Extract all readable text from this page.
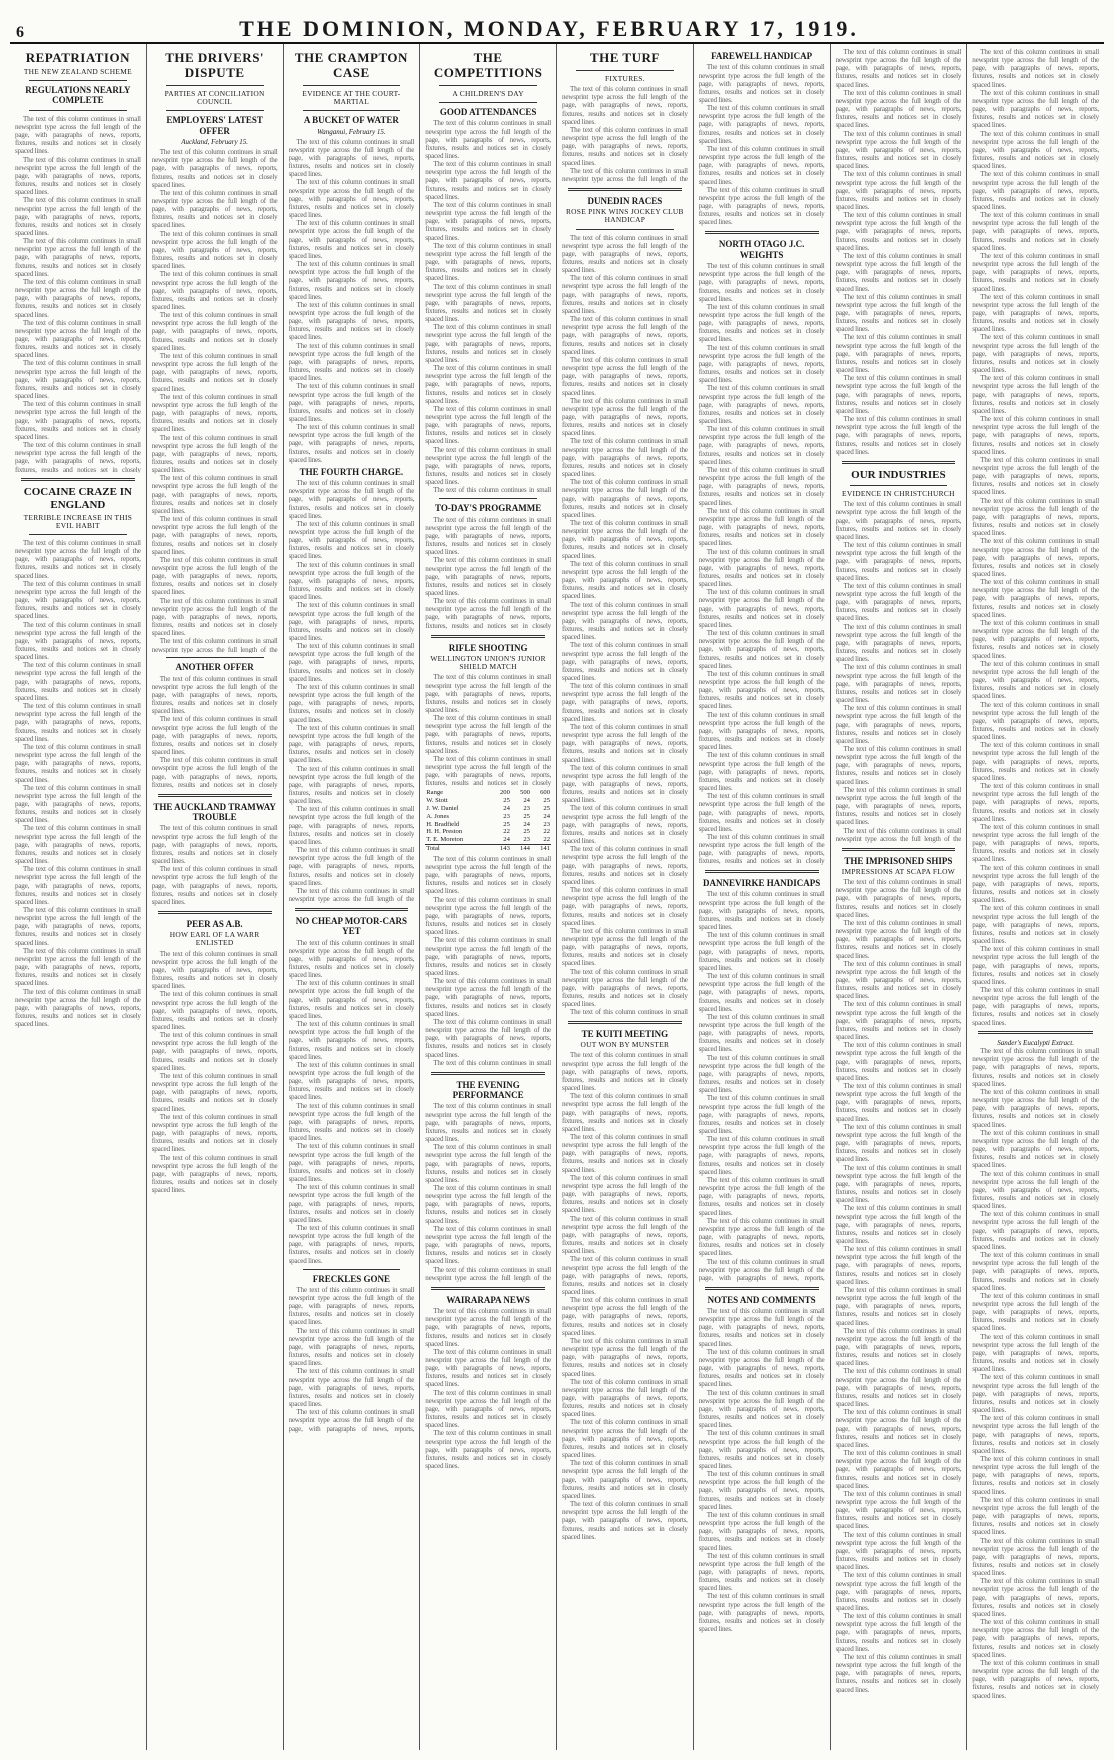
6	THE DOMINION, MONDAY, FEBRUARY 17, 1919.
REPATRIATION
THE NEW ZEALAND SCHEME
REGULATIONS NEARLY COMPLETE

The text of this column continues in small newsprint type across the full length of the page, with paragraphs of news, reports, fixtures, results and notices set in closely spaced lines.

The text of this column continues in small newsprint type across the full length of the page, with paragraphs of news, reports, fixtures, results and notices set in closely spaced lines.

The text of this column continues in small newsprint type across the full length of the page, with paragraphs of news, reports, fixtures, results and notices set in closely spaced lines.

The text of this column continues in small newsprint type across the full length of the page, with paragraphs of news, reports, fixtures, results and notices set in closely spaced lines.

The text of this column continues in small newsprint type across the full length of the page, with paragraphs of news, reports, fixtures, results and notices set in closely spaced lines.

The text of this column continues in small newsprint type across the full length of the page, with paragraphs of news, reports, fixtures, results and notices set in closely spaced lines.

The text of this column continues in small newsprint type across the full length of the page, with paragraphs of news, reports, fixtures, results and notices set in closely spaced lines.

The text of this column continues in small newsprint type across the full length of the page, with paragraphs of news, reports, fixtures, results and notices set in closely spaced lines.

The text of this column continues in small newsprint type across the full length of the page, with paragraphs of news, reports, fixtures, results and notices set in closely

COCAINE CRAZE IN ENGLAND
TERRIBLE INCREASE IN THIS EVIL HABIT

The text of this column continues in small newsprint type across the full length of the page, with paragraphs of news, reports, fixtures, results and notices set in closely spaced lines.

The text of this column continues in small newsprint type across the full length of the page, with paragraphs of news, reports, fixtures, results and notices set in closely spaced lines.

The text of this column continues in small newsprint type across the full length of the page, with paragraphs of news, reports, fixtures, results and notices set in closely spaced lines.

The text of this column continues in small newsprint type across the full length of the page, with paragraphs of news, reports, fixtures, results and notices set in closely spaced lines.

The text of this column continues in small newsprint type across the full length of the page, with paragraphs of news, reports, fixtures, results and notices set in closely spaced lines.

The text of this column continues in small newsprint type across the full length of the page, with paragraphs of news, reports, fixtures, results and notices set in closely spaced lines.

The text of this column continues in small newsprint type across the full length of the page, with paragraphs of news, reports, fixtures, results and notices set in closely spaced lines.

The text of this column continues in small newsprint type across the full length of the page, with paragraphs of news, reports, fixtures, results and notices set in closely spaced lines.

The text of this column continues in small newsprint type across the full length of the page, with paragraphs of news, reports, fixtures, results and notices set in closely spaced lines.

The text of this column continues in small newsprint type across the full length of the page, with paragraphs of news, reports, fixtures, results and notices set in closely spaced lines.

The text of this column continues in small newsprint type across the full length of the page, with paragraphs of news, reports, fixtures, results and notices set in closely spaced lines.

The text of this column continues in small newsprint type across the full length of the page, with paragraphs of news, reports, fixtures, results and notices set in closely spaced lines.

THE DRIVERS' DISPUTE
PARTIES AT CONCILIATION COUNCIL
EMPLOYERS' LATEST OFFER
Auckland, February 15.

The text of this column continues in small newsprint type across the full length of the page, with paragraphs of news, reports, fixtures, results and notices set in closely spaced lines.

The text of this column continues in small newsprint type across the full length of the page, with paragraphs of news, reports, fixtures, results and notices set in closely spaced lines.

The text of this column continues in small newsprint type across the full length of the page, with paragraphs of news, reports, fixtures, results and notices set in closely spaced lines.

The text of this column continues in small newsprint type across the full length of the page, with paragraphs of news, reports, fixtures, results and notices set in closely spaced lines.

The text of this column continues in small newsprint type across the full length of the page, with paragraphs of news, reports, fixtures, results and notices set in closely spaced lines.

The text of this column continues in small newsprint type across the full length of the page, with paragraphs of news, reports, fixtures, results and notices set in closely spaced lines.

The text of this column continues in small newsprint type across the full length of the page, with paragraphs of news, reports, fixtures, results and notices set in closely spaced lines.

The text of this column continues in small newsprint type across the full length of the page, with paragraphs of news, reports, fixtures, results and notices set in closely spaced lines.

The text of this column continues in small newsprint type across the full length of the page, with paragraphs of news, reports, fixtures, results and notices set in closely spaced lines.

The text of this column continues in small newsprint type across the full length of the page, with paragraphs of news, reports, fixtures, results and notices set in closely spaced lines.

The text of this column continues in small newsprint type across the full length of the page, with paragraphs of news, reports, fixtures, results and notices set in closely spaced lines.

The text of this column continues in small newsprint type across the full length of the page, with paragraphs of news, reports, fixtures, results and notices set in closely spaced lines.

The text of this column continues in small newsprint type across the full length of the

ANOTHER OFFER

The text of this column continues in small newsprint type across the full length of the page, with paragraphs of news, reports, fixtures, results and notices set in closely spaced lines.

The text of this column continues in small newsprint type across the full length of the page, with paragraphs of news, reports, fixtures, results and notices set in closely spaced lines.

The text of this column continues in small newsprint type across the full length of the page, with paragraphs of news, reports, fixtures, results and notices set in closely

THE AUCKLAND TRAMWAY TROUBLE

The text of this column continues in small newsprint type across the full length of the page, with paragraphs of news, reports, fixtures, results and notices set in closely spaced lines.

The text of this column continues in small newsprint type across the full length of the page, with paragraphs of news, reports, fixtures, results and notices set in closely spaced lines.

PEER AS A.B.
HOW EARL OF LA WARR ENLISTED

The text of this column continues in small newsprint type across the full length of the page, with paragraphs of news, reports, fixtures, results and notices set in closely spaced lines.

The text of this column continues in small newsprint type across the full length of the page, with paragraphs of news, reports, fixtures, results and notices set in closely spaced lines.

The text of this column continues in small newsprint type across the full length of the page, with paragraphs of news, reports, fixtures, results and notices set in closely spaced lines.

The text of this column continues in small newsprint type across the full length of the page, with paragraphs of news, reports, fixtures, results and notices set in closely spaced lines.

The text of this column continues in small newsprint type across the full length of the page, with paragraphs of news, reports, fixtures, results and notices set in closely spaced lines.

The text of this column continues in small newsprint type across the full length of the page, with paragraphs of news, reports, fixtures, results and notices set in closely spaced lines.

THE CRAMPTON CASE
EVIDENCE AT THE COURT-MARTIAL
A BUCKET OF WATER
Wanganui, February 15.

The text of this column continues in small newsprint type across the full length of the page, with paragraphs of news, reports, fixtures, results and notices set in closely spaced lines.

The text of this column continues in small newsprint type across the full length of the page, with paragraphs of news, reports, fixtures, results and notices set in closely spaced lines.

The text of this column continues in small newsprint type across the full length of the page, with paragraphs of news, reports, fixtures, results and notices set in closely spaced lines.

The text of this column continues in small newsprint type across the full length of the page, with paragraphs of news, reports, fixtures, results and notices set in closely spaced lines.

The text of this column continues in small newsprint type across the full length of the page, with paragraphs of news, reports, fixtures, results and notices set in closely spaced lines.

The text of this column continues in small newsprint type across the full length of the page, with paragraphs of news, reports, fixtures, results and notices set in closely spaced lines.

The text of this column continues in small newsprint type across the full length of the page, with paragraphs of news, reports, fixtures, results and notices set in closely spaced lines.

The text of this column continues in small newsprint type across the full length of the page, with paragraphs of news, reports, fixtures, results and notices set in closely spaced lines.

THE FOURTH CHARGE.

The text of this column continues in small newsprint type across the full length of the page, with paragraphs of news, reports, fixtures, results and notices set in closely spaced lines.

The text of this column continues in small newsprint type across the full length of the page, with paragraphs of news, reports, fixtures, results and notices set in closely spaced lines.

The text of this column continues in small newsprint type across the full length of the page, with paragraphs of news, reports, fixtures, results and notices set in closely spaced lines.

The text of this column continues in small newsprint type across the full length of the page, with paragraphs of news, reports, fixtures, results and notices set in closely spaced lines.

The text of this column continues in small newsprint type across the full length of the page, with paragraphs of news, reports, fixtures, results and notices set in closely spaced lines.

The text of this column continues in small newsprint type across the full length of the page, with paragraphs of news, reports, fixtures, results and notices set in closely spaced lines.

The text of this column continues in small newsprint type across the full length of the page, with paragraphs of news, reports, fixtures, results and notices set in closely spaced lines.

The text of this column continues in small newsprint type across the full length of the page, with paragraphs of news, reports, fixtures, results and notices set in closely spaced lines.

The text of this column continues in small newsprint type across the full length of the page, with paragraphs of news, reports, fixtures, results and notices set in closely spaced lines.

The text of this column continues in small newsprint type across the full length of the page, with paragraphs of news, reports, fixtures, results and notices set in closely spaced lines.

The text of this column continues in small newsprint type across the full length of the

NO CHEAP MOTOR-CARS YET

The text of this column continues in small newsprint type across the full length of the page, with paragraphs of news, reports, fixtures, results and notices set in closely spaced lines.

The text of this column continues in small newsprint type across the full length of the page, with paragraphs of news, reports, fixtures, results and notices set in closely spaced lines.

The text of this column continues in small newsprint type across the full length of the page, with paragraphs of news, reports, fixtures, results and notices set in closely spaced lines.

The text of this column continues in small newsprint type across the full length of the page, with paragraphs of news, reports, fixtures, results and notices set in closely spaced lines.

The text of this column continues in small newsprint type across the full length of the page, with paragraphs of news, reports, fixtures, results and notices set in closely spaced lines.

The text of this column continues in small newsprint type across the full length of the page, with paragraphs of news, reports, fixtures, results and notices set in closely spaced lines.

The text of this column continues in small newsprint type across the full length of the page, with paragraphs of news, reports, fixtures, results and notices set in closely spaced lines.

The text of this column continues in small newsprint type across the full length of the page, with paragraphs of news, reports, fixtures, results and notices set in closely spaced lines.

FRECKLES GONE

The text of this column continues in small newsprint type across the full length of the page, with paragraphs of news, reports, fixtures, results and notices set in closely spaced lines.

The text of this column continues in small newsprint type across the full length of the page, with paragraphs of news, reports, fixtures, results and notices set in closely spaced lines.

The text of this column continues in small newsprint type across the full length of the page, with paragraphs of news, reports, fixtures, results and notices set in closely spaced lines.

The text of this column continues in small newsprint type across the full length of the page, with paragraphs of news, reports,

THE COMPETITIONS
A CHILDREN'S DAY
GOOD ATTENDANCES

The text of this column continues in small newsprint type across the full length of the page, with paragraphs of news, reports, fixtures, results and notices set in closely spaced lines.

The text of this column continues in small newsprint type across the full length of the page, with paragraphs of news, reports, fixtures, results and notices set in closely spaced lines.

The text of this column continues in small newsprint type across the full length of the page, with paragraphs of news, reports, fixtures, results and notices set in closely spaced lines.

The text of this column continues in small newsprint type across the full length of the page, with paragraphs of news, reports, fixtures, results and notices set in closely spaced lines.

The text of this column continues in small newsprint type across the full length of the page, with paragraphs of news, reports, fixtures, results and notices set in closely spaced lines.

The text of this column continues in small newsprint type across the full length of the page, with paragraphs of news, reports, fixtures, results and notices set in closely spaced lines.

The text of this column continues in small newsprint type across the full length of the page, with paragraphs of news, reports, fixtures, results and notices set in closely spaced lines.

The text of this column continues in small newsprint type across the full length of the page, with paragraphs of news, reports, fixtures, results and notices set in closely spaced lines.

The text of this column continues in small newsprint type across the full length of the page, with paragraphs of news, reports, fixtures, results and notices set in closely spaced lines.

The text of this column continues in small

TO-DAY'S PROGRAMME

The text of this column continues in small newsprint type across the full length of the page, with paragraphs of news, reports, fixtures, results and notices set in closely spaced lines.

The text of this column continues in small newsprint type across the full length of the page, with paragraphs of news, reports, fixtures, results and notices set in closely spaced lines.

The text of this column continues in small newsprint type across the full length of the page, with paragraphs of news, reports, fixtures, results and notices set in closely

RIFLE SHOOTING
WELLINGTON UNION'S JUNIOR SHIELD MATCH

The text of this column continues in small newsprint type across the full length of the page, with paragraphs of news, reports, fixtures, results and notices set in closely spaced lines.

The text of this column continues in small newsprint type across the full length of the page, with paragraphs of news, reports, fixtures, results and notices set in closely spaced lines.

The text of this column continues in small newsprint type across the full length of the page, with paragraphs of news, reports, fixtures, results and notices set in closely

Range	200	500	600
W. Stott	25	24	25
J. W. Daniel	24	23	25
A. Jones	23	25	24
H. Bradfield	25	24	23
H. H. Preston	22	25	22
T. E. Moreton	24	23	22
Total	143	144	141

The text of this column continues in small newsprint type across the full length of the page, with paragraphs of news, reports, fixtures, results and notices set in closely spaced lines.

The text of this column continues in small newsprint type across the full length of the page, with paragraphs of news, reports, fixtures, results and notices set in closely spaced lines.

The text of this column continues in small newsprint type across the full length of the page, with paragraphs of news, reports, fixtures, results and notices set in closely spaced lines.

The text of this column continues in small newsprint type across the full length of the page, with paragraphs of news, reports, fixtures, results and notices set in closely spaced lines.

The text of this column continues in small newsprint type across the full length of the page, with paragraphs of news, reports, fixtures, results and notices set in closely spaced lines.

The text of this column continues in small

THE EVENING PERFORMANCE

The text of this column continues in small newsprint type across the full length of the page, with paragraphs of news, reports, fixtures, results and notices set in closely spaced lines.

The text of this column continues in small newsprint type across the full length of the page, with paragraphs of news, reports, fixtures, results and notices set in closely spaced lines.

The text of this column continues in small newsprint type across the full length of the page, with paragraphs of news, reports, fixtures, results and notices set in closely spaced lines.

The text of this column continues in small newsprint type across the full length of the page, with paragraphs of news, reports, fixtures, results and notices set in closely spaced lines.

The text of this column continues in small newsprint type across the full length of the

WAIRARAPA NEWS

The text of this column continues in small newsprint type across the full length of the page, with paragraphs of news, reports, fixtures, results and notices set in closely spaced lines.

The text of this column continues in small newsprint type across the full length of the page, with paragraphs of news, reports, fixtures, results and notices set in closely spaced lines.

The text of this column continues in small newsprint type across the full length of the page, with paragraphs of news, reports, fixtures, results and notices set in closely spaced lines.

The text of this column continues in small newsprint type across the full length of the page, with paragraphs of news, reports, fixtures, results and notices set in closely spaced lines.

THE TURF
FIXTURES.

The text of this column continues in small newsprint type across the full length of the page, with paragraphs of news, reports, fixtures, results and notices set in closely spaced lines.

The text of this column continues in small newsprint type across the full length of the page, with paragraphs of news, reports, fixtures, results and notices set in closely spaced lines.

The text of this column continues in small newsprint type across the full length of the

DUNEDIN RACES
ROSE PINK WINS JOCKEY CLUB HANDICAP

The text of this column continues in small newsprint type across the full length of the page, with paragraphs of news, reports, fixtures, results and notices set in closely spaced lines.

The text of this column continues in small newsprint type across the full length of the page, with paragraphs of news, reports, fixtures, results and notices set in closely spaced lines.

The text of this column continues in small newsprint type across the full length of the page, with paragraphs of news, reports, fixtures, results and notices set in closely spaced lines.

The text of this column continues in small newsprint type across the full length of the page, with paragraphs of news, reports, fixtures, results and notices set in closely spaced lines.

The text of this column continues in small newsprint type across the full length of the page, with paragraphs of news, reports, fixtures, results and notices set in closely spaced lines.

The text of this column continues in small newsprint type across the full length of the page, with paragraphs of news, reports, fixtures, results and notices set in closely spaced lines.

The text of this column continues in small newsprint type across the full length of the page, with paragraphs of news, reports, fixtures, results and notices set in closely spaced lines.

The text of this column continues in small newsprint type across the full length of the page, with paragraphs of news, reports, fixtures, results and notices set in closely spaced lines.

The text of this column continues in small newsprint type across the full length of the page, with paragraphs of news, reports, fixtures, results and notices set in closely spaced lines.

The text of this column continues in small newsprint type across the full length of the page, with paragraphs of news, reports, fixtures, results and notices set in closely spaced lines.

The text of this column continues in small newsprint type across the full length of the page, with paragraphs of news, reports, fixtures, results and notices set in closely spaced lines.

The text of this column continues in small newsprint type across the full length of the page, with paragraphs of news, reports, fixtures, results and notices set in closely spaced lines.

The text of this column continues in small newsprint type across the full length of the page, with paragraphs of news, reports, fixtures, results and notices set in closely spaced lines.

The text of this column continues in small newsprint type across the full length of the page, with paragraphs of news, reports, fixtures, results and notices set in closely spaced lines.

The text of this column continues in small newsprint type across the full length of the page, with paragraphs of news, reports, fixtures, results and notices set in closely spaced lines.

The text of this column continues in small newsprint type across the full length of the page, with paragraphs of news, reports, fixtures, results and notices set in closely spaced lines.

The text of this column continues in small newsprint type across the full length of the page, with paragraphs of news, reports, fixtures, results and notices set in closely spaced lines.

The text of this column continues in small newsprint type across the full length of the page, with paragraphs of news, reports, fixtures, results and notices set in closely spaced lines.

The text of this column continues in small newsprint type across the full length of the page, with paragraphs of news, reports, fixtures, results and notices set in closely spaced lines.

The text of this column continues in small

TE KUITI MEETING
OUT WON BY MUNSTER

The text of this column continues in small newsprint type across the full length of the page, with paragraphs of news, reports, fixtures, results and notices set in closely spaced lines.

The text of this column continues in small newsprint type across the full length of the page, with paragraphs of news, reports, fixtures, results and notices set in closely spaced lines.

The text of this column continues in small newsprint type across the full length of the page, with paragraphs of news, reports, fixtures, results and notices set in closely spaced lines.

The text of this column continues in small newsprint type across the full length of the page, with paragraphs of news, reports, fixtures, results and notices set in closely spaced lines.

The text of this column continues in small newsprint type across the full length of the page, with paragraphs of news, reports, fixtures, results and notices set in closely spaced lines.

The text of this column continues in small newsprint type across the full length of the page, with paragraphs of news, reports, fixtures, results and notices set in closely spaced lines.

The text of this column continues in small newsprint type across the full length of the page, with paragraphs of news, reports, fixtures, results and notices set in closely spaced lines.

The text of this column continues in small newsprint type across the full length of the page, with paragraphs of news, reports, fixtures, results and notices set in closely spaced lines.

The text of this column continues in small newsprint type across the full length of the page, with paragraphs of news, reports, fixtures, results and notices set in closely spaced lines.

The text of this column continues in small newsprint type across the full length of the page, with paragraphs of news, reports, fixtures, results and notices set in closely spaced lines.

The text of this column continues in small newsprint type across the full length of the page, with paragraphs of news, reports, fixtures, results and notices set in closely spaced lines.

The text of this column continues in small newsprint type across the full length of the page, with paragraphs of news, reports, fixtures, results and notices set in closely spaced lines.

FAREWELL HANDICAP

The text of this column continues in small newsprint type across the full length of the page, with paragraphs of news, reports, fixtures, results and notices set in closely spaced lines.

The text of this column continues in small newsprint type across the full length of the page, with paragraphs of news, reports, fixtures, results and notices set in closely spaced lines.

The text of this column continues in small newsprint type across the full length of the page, with paragraphs of news, reports, fixtures, results and notices set in closely spaced lines.

The text of this column continues in small newsprint type across the full length of the page, with paragraphs of news, reports, fixtures, results and notices set in closely spaced lines.

NORTH OTAGO J.C. WEIGHTS

The text of this column continues in small newsprint type across the full length of the page, with paragraphs of news, reports, fixtures, results and notices set in closely spaced lines.

The text of this column continues in small newsprint type across the full length of the page, with paragraphs of news, reports, fixtures, results and notices set in closely spaced lines.

The text of this column continues in small newsprint type across the full length of the page, with paragraphs of news, reports, fixtures, results and notices set in closely spaced lines.

The text of this column continues in small newsprint type across the full length of the page, with paragraphs of news, reports, fixtures, results and notices set in closely spaced lines.

The text of this column continues in small newsprint type across the full length of the page, with paragraphs of news, reports, fixtures, results and notices set in closely spaced lines.

The text of this column continues in small newsprint type across the full length of the page, with paragraphs of news, reports, fixtures, results and notices set in closely spaced lines.

The text of this column continues in small newsprint type across the full length of the page, with paragraphs of news, reports, fixtures, results and notices set in closely spaced lines.

The text of this column continues in small newsprint type across the full length of the page, with paragraphs of news, reports, fixtures, results and notices set in closely spaced lines.

The text of this column continues in small newsprint type across the full length of the page, with paragraphs of news, reports, fixtures, results and notices set in closely spaced lines.

The text of this column continues in small newsprint type across the full length of the page, with paragraphs of news, reports, fixtures, results and notices set in closely spaced lines.

The text of this column continues in small newsprint type across the full length of the page, with paragraphs of news, reports, fixtures, results and notices set in closely spaced lines.

The text of this column continues in small newsprint type across the full length of the page, with paragraphs of news, reports, fixtures, results and notices set in closely spaced lines.

The text of this column continues in small newsprint type across the full length of the page, with paragraphs of news, reports, fixtures, results and notices set in closely spaced lines.

The text of this column continues in small newsprint type across the full length of the page, with paragraphs of news, reports, fixtures, results and notices set in closely spaced lines.

The text of this column continues in small newsprint type across the full length of the page, with paragraphs of news, reports, fixtures, results and notices set in closely

DANNEVIRKE HANDICAPS

The text of this column continues in small newsprint type across the full length of the page, with paragraphs of news, reports, fixtures, results and notices set in closely spaced lines.

The text of this column continues in small newsprint type across the full length of the page, with paragraphs of news, reports, fixtures, results and notices set in closely spaced lines.

The text of this column continues in small newsprint type across the full length of the page, with paragraphs of news, reports, fixtures, results and notices set in closely spaced lines.

The text of this column continues in small newsprint type across the full length of the page, with paragraphs of news, reports, fixtures, results and notices set in closely spaced lines.

The text of this column continues in small newsprint type across the full length of the page, with paragraphs of news, reports, fixtures, results and notices set in closely spaced lines.

The text of this column continues in small newsprint type across the full length of the page, with paragraphs of news, reports, fixtures, results and notices set in closely spaced lines.

The text of this column continues in small newsprint type across the full length of the page, with paragraphs of news, reports, fixtures, results and notices set in closely spaced lines.

The text of this column continues in small newsprint type across the full length of the page, with paragraphs of news, reports, fixtures, results and notices set in closely spaced lines.

The text of this column continues in small newsprint type across the full length of the page, with paragraphs of news, reports, fixtures, results and notices set in closely spaced lines.

The text of this column continues in small newsprint type across the full length of the page, with paragraphs of news, reports,

NOTES AND COMMENTS

The text of this column continues in small newsprint type across the full length of the page, with paragraphs of news, reports, fixtures, results and notices set in closely spaced lines.

The text of this column continues in small newsprint type across the full length of the page, with paragraphs of news, reports, fixtures, results and notices set in closely spaced lines.

The text of this column continues in small newsprint type across the full length of the page, with paragraphs of news, reports, fixtures, results and notices set in closely spaced lines.

The text of this column continues in small newsprint type across the full length of the page, with paragraphs of news, reports, fixtures, results and notices set in closely spaced lines.

The text of this column continues in small newsprint type across the full length of the page, with paragraphs of news, reports, fixtures, results and notices set in closely spaced lines.

The text of this column continues in small newsprint type across the full length of the page, with paragraphs of news, reports, fixtures, results and notices set in closely spaced lines.

The text of this column continues in small newsprint type across the full length of the page, with paragraphs of news, reports, fixtures, results and notices set in closely spaced lines.

The text of this column continues in small newsprint type across the full length of the page, with paragraphs of news, reports, fixtures, results and notices set in closely spaced lines.

The text of this column continues in small newsprint type across the full length of the page, with paragraphs of news, reports, fixtures, results and notices set in closely spaced lines.

The text of this column continues in small newsprint type across the full length of the page, with paragraphs of news, reports, fixtures, results and notices set in closely spaced lines.

The text of this column continues in small newsprint type across the full length of the page, with paragraphs of news, reports, fixtures, results and notices set in closely spaced lines.

The text of this column continues in small newsprint type across the full length of the page, with paragraphs of news, reports, fixtures, results and notices set in closely spaced lines.

The text of this column continues in small newsprint type across the full length of the page, with paragraphs of news, reports, fixtures, results and notices set in closely spaced lines.

The text of this column continues in small newsprint type across the full length of the page, with paragraphs of news, reports, fixtures, results and notices set in closely spaced lines.

The text of this column continues in small newsprint type across the full length of the page, with paragraphs of news, reports, fixtures, results and notices set in closely spaced lines.

The text of this column continues in small newsprint type across the full length of the page, with paragraphs of news, reports, fixtures, results and notices set in closely spaced lines.

The text of this column continues in small newsprint type across the full length of the page, with paragraphs of news, reports, fixtures, results and notices set in closely spaced lines.

The text of this column continues in small newsprint type across the full length of the page, with paragraphs of news, reports, fixtures, results and notices set in closely spaced lines.

OUR INDUSTRIES
EVIDENCE IN CHRISTCHURCH

The text of this column continues in small newsprint type across the full length of the page, with paragraphs of news, reports, fixtures, results and notices set in closely spaced lines.

The text of this column continues in small newsprint type across the full length of the page, with paragraphs of news, reports, fixtures, results and notices set in closely spaced lines.

The text of this column continues in small newsprint type across the full length of the page, with paragraphs of news, reports, fixtures, results and notices set in closely spaced lines.

The text of this column continues in small newsprint type across the full length of the page, with paragraphs of news, reports, fixtures, results and notices set in closely spaced lines.

The text of this column continues in small newsprint type across the full length of the page, with paragraphs of news, reports, fixtures, results and notices set in closely spaced lines.

The text of this column continues in small newsprint type across the full length of the page, with paragraphs of news, reports, fixtures, results and notices set in closely spaced lines.

The text of this column continues in small newsprint type across the full length of the page, with paragraphs of news, reports, fixtures, results and notices set in closely spaced lines.

The text of this column continues in small newsprint type across the full length of the page, with paragraphs of news, reports, fixtures, results and notices set in closely spaced lines.

The text of this column continues in small newsprint type across the full length of the

THE IMPRISONED SHIPS
IMPRESSIONS AT SCAPA FLOW

The text of this column continues in small newsprint type across the full length of the page, with paragraphs of news, reports, fixtures, results and notices set in closely spaced lines.

The text of this column continues in small newsprint type across the full length of the page, with paragraphs of news, reports, fixtures, results and notices set in closely spaced lines.

The text of this column continues in small newsprint type across the full length of the page, with paragraphs of news, reports, fixtures, results and notices set in closely spaced lines.

The text of this column continues in small newsprint type across the full length of the page, with paragraphs of news, reports, fixtures, results and notices set in closely spaced lines.

The text of this column continues in small newsprint type across the full length of the page, with paragraphs of news, reports, fixtures, results and notices set in closely spaced lines.

The text of this column continues in small newsprint type across the full length of the page, with paragraphs of news, reports, fixtures, results and notices set in closely spaced lines.

The text of this column continues in small newsprint type across the full length of the page, with paragraphs of news, reports, fixtures, results and notices set in closely spaced lines.

The text of this column continues in small newsprint type across the full length of the page, with paragraphs of news, reports, fixtures, results and notices set in closely spaced lines.

The text of this column continues in small newsprint type across the full length of the page, with paragraphs of news, reports, fixtures, results and notices set in closely spaced lines.

The text of this column continues in small newsprint type across the full length of the page, with paragraphs of news, reports, fixtures, results and notices set in closely spaced lines.

The text of this column continues in small newsprint type across the full length of the page, with paragraphs of news, reports, fixtures, results and notices set in closely spaced lines.

The text of this column continues in small newsprint type across the full length of the page, with paragraphs of news, reports, fixtures, results and notices set in closely spaced lines.

The text of this column continues in small newsprint type across the full length of the page, with paragraphs of news, reports, fixtures, results and notices set in closely spaced lines.

The text of this column continues in small newsprint type across the full length of the page, with paragraphs of news, reports, fixtures, results and notices set in closely spaced lines.

The text of this column continues in small newsprint type across the full length of the page, with paragraphs of news, reports, fixtures, results and notices set in closely spaced lines.

The text of this column continues in small newsprint type across the full length of the page, with paragraphs of news, reports, fixtures, results and notices set in closely spaced lines.

The text of this column continues in small newsprint type across the full length of the page, with paragraphs of news, reports, fixtures, results and notices set in closely spaced lines.

The text of this column continues in small newsprint type across the full length of the page, with paragraphs of news, reports, fixtures, results and notices set in closely spaced lines.

The text of this column continues in small newsprint type across the full length of the page, with paragraphs of news, reports, fixtures, results and notices set in closely spaced lines.

The text of this column continues in small newsprint type across the full length of the page, with paragraphs of news, reports, fixtures, results and notices set in closely spaced lines.

The text of this column continues in small newsprint type across the full length of the page, with paragraphs of news, reports, fixtures, results and notices set in closely spaced lines.

The text of this column continues in small newsprint type across the full length of the page, with paragraphs of news, reports, fixtures, results and notices set in closely spaced lines.

The text of this column continues in small newsprint type across the full length of the page, with paragraphs of news, reports, fixtures, results and notices set in closely spaced lines.

The text of this column continues in small newsprint type across the full length of the page, with paragraphs of news, reports, fixtures, results and notices set in closely spaced lines.

The text of this column continues in small newsprint type across the full length of the page, with paragraphs of news, reports, fixtures, results and notices set in closely spaced lines.

The text of this column continues in small newsprint type across the full length of the page, with paragraphs of news, reports, fixtures, results and notices set in closely spaced lines.

The text of this column continues in small newsprint type across the full length of the page, with paragraphs of news, reports, fixtures, results and notices set in closely spaced lines.

The text of this column continues in small newsprint type across the full length of the page, with paragraphs of news, reports, fixtures, results and notices set in closely spaced lines.

The text of this column continues in small newsprint type across the full length of the page, with paragraphs of news, reports, fixtures, results and notices set in closely spaced lines.

The text of this column continues in small newsprint type across the full length of the page, with paragraphs of news, reports, fixtures, results and notices set in closely spaced lines.

The text of this column continues in small newsprint type across the full length of the page, with paragraphs of news, reports, fixtures, results and notices set in closely spaced lines.

The text of this column continues in small newsprint type across the full length of the page, with paragraphs of news, reports, fixtures, results and notices set in closely spaced lines.

The text of this column continues in small newsprint type across the full length of the page, with paragraphs of news, reports, fixtures, results and notices set in closely spaced lines.

The text of this column continues in small newsprint type across the full length of the page, with paragraphs of news, reports, fixtures, results and notices set in closely spaced lines.

The text of this column continues in small newsprint type across the full length of the page, with paragraphs of news, reports, fixtures, results and notices set in closely spaced lines.

The text of this column continues in small newsprint type across the full length of the page, with paragraphs of news, reports, fixtures, results and notices set in closely spaced lines.

The text of this column continues in small newsprint type across the full length of the page, with paragraphs of news, reports, fixtures, results and notices set in closely spaced lines.

The text of this column continues in small newsprint type across the full length of the page, with paragraphs of news, reports, fixtures, results and notices set in closely spaced lines.

The text of this column continues in small newsprint type across the full length of the page, with paragraphs of news, reports, fixtures, results and notices set in closely spaced lines.

The text of this column continues in small newsprint type across the full length of the page, with paragraphs of news, reports, fixtures, results and notices set in closely spaced lines.

The text of this column continues in small newsprint type across the full length of the page, with paragraphs of news, reports, fixtures, results and notices set in closely spaced lines.

The text of this column continues in small newsprint type across the full length of the page, with paragraphs of news, reports, fixtures, results and notices set in closely spaced lines.

The text of this column continues in small newsprint type across the full length of the page, with paragraphs of news, reports, fixtures, results and notices set in closely spaced lines.

The text of this column continues in small newsprint type across the full length of the page, with paragraphs of news, reports, fixtures, results and notices set in closely spaced lines.

Sander's Eucalypti Extract.

The text of this column continues in small newsprint type across the full length of the page, with paragraphs of news, reports, fixtures, results and notices set in closely spaced lines.

The text of this column continues in small newsprint type across the full length of the page, with paragraphs of news, reports, fixtures, results and notices set in closely spaced lines.

The text of this column continues in small newsprint type across the full length of the page, with paragraphs of news, reports, fixtures, results and notices set in closely spaced lines.

The text of this column continues in small newsprint type across the full length of the page, with paragraphs of news, reports, fixtures, results and notices set in closely spaced lines.

The text of this column continues in small newsprint type across the full length of the page, with paragraphs of news, reports, fixtures, results and notices set in closely spaced lines.

The text of this column continues in small newsprint type across the full length of the page, with paragraphs of news, reports, fixtures, results and notices set in closely spaced lines.

The text of this column continues in small newsprint type across the full length of the page, with paragraphs of news, reports, fixtures, results and notices set in closely spaced lines.

The text of this column continues in small newsprint type across the full length of the page, with paragraphs of news, reports, fixtures, results and notices set in closely spaced lines.

The text of this column continues in small newsprint type across the full length of the page, with paragraphs of news, reports, fixtures, results and notices set in closely spaced lines.

The text of this column continues in small newsprint type across the full length of the page, with paragraphs of news, reports, fixtures, results and notices set in closely spaced lines.

The text of this column continues in small newsprint type across the full length of the page, with paragraphs of news, reports, fixtures, results and notices set in closely spaced lines.

The text of this column continues in small newsprint type across the full length of the page, with paragraphs of news, reports, fixtures, results and notices set in closely spaced lines.

The text of this column continues in small newsprint type across the full length of the page, with paragraphs of news, reports, fixtures, results and notices set in closely spaced lines.

The text of this column continues in small newsprint type across the full length of the page, with paragraphs of news, reports, fixtures, results and notices set in closely spaced lines.

The text of this column continues in small newsprint type across the full length of the page, with paragraphs of news, reports, fixtures, results and notices set in closely spaced lines.

The text of this column continues in small newsprint type across the full length of the page, with paragraphs of news, reports, fixtures, results and notices set in closely spaced lines.
